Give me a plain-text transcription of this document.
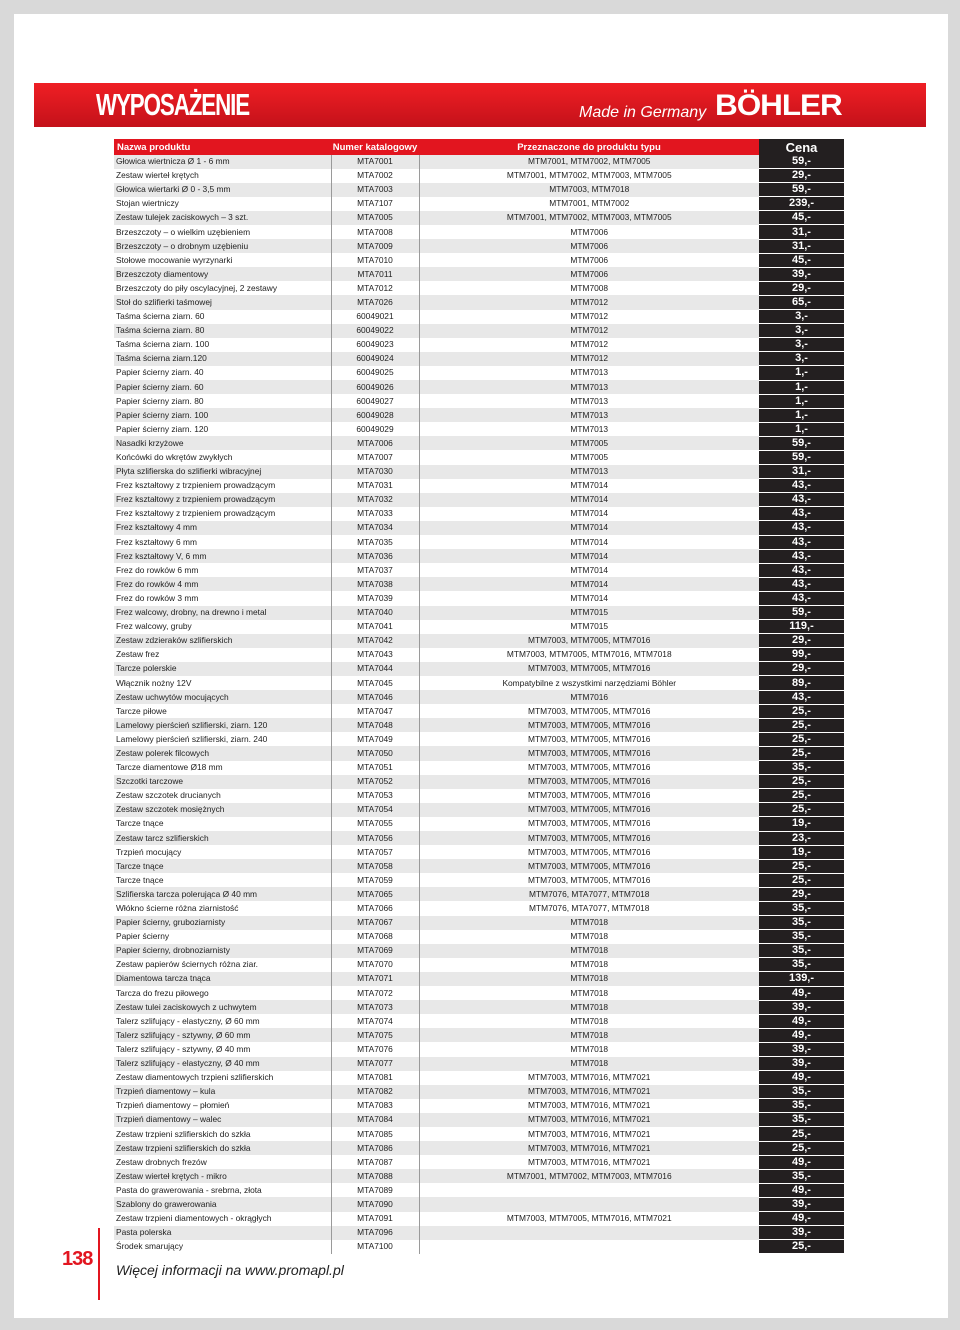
WYPOSAŻENIE	Made in Germany BÖHLER
Nazwa produktu	Numer katalogowy	Przeznaczone do produktu typu	Cena
Głowica wiertnicza Ø 1 - 6 mm	MTA7001	MTM7001, MTM7002, MTM7005	59,-
Zestaw wierteł krętych	MTA7002	MTM7001, MTM7002, MTM7003, MTM7005	29,-
Głowica wiertarki Ø 0 - 3,5 mm	MTA7003	MTM7003, MTM7018	59,-
Stojan wiertniczy	MTA7107	MTM7001, MTM7002	239,-
Zestaw tulejek zaciskowych – 3 szt.	MTA7005	MTM7001, MTM7002, MTM7003, MTM7005	45,-
Brzeszczoty – o wielkim uzębieniem	MTA7008	MTM7006	31,-
Brzeszczoty – o drobnym uzębieniu	MTA7009	MTM7006	31,-
Stołowe mocowanie wyrzynarki	MTA7010	MTM7006	45,-
Brzeszczoty diamentowy	MTA7011	MTM7006	39,-
Brzeszczoty do piły oscylacyjnej, 2 zestawy	MTA7012	MTM7008	29,-
Stoł do szlifierki taśmowej	MTA7026	MTM7012	65,-
Taśma ścierna ziarn. 60	60049021	MTM7012	3,-
Taśma ścierna ziarn. 80	60049022	MTM7012	3,-
Taśma ścierna ziarn. 100	60049023	MTM7012	3,-
Taśma ścierna ziarn.120	60049024	MTM7012	3,-
Papier ścierny ziarn. 40	60049025	MTM7013	1,-
Papier ścierny ziarn. 60	60049026	MTM7013	1,-
Papier ścierny ziarn. 80	60049027	MTM7013	1,-
Papier ścierny ziarn. 100	60049028	MTM7013	1,-
Papier ścierny ziarn. 120	60049029	MTM7013	1,-
Nasadki krzyżowe	MTA7006	MTM7005	59,-
Końcówki do wkrętów zwykłych	MTA7007	MTM7005	59,-
Płyta szlifierska do szlifierki wibracyjnej	MTA7030	MTM7013	31,-
Frez kształtowy z trzpieniem prowadzącym	MTA7031	MTM7014	43,-
Frez kształtowy z trzpieniem prowadzącym	MTA7032	MTM7014	43,-
Frez kształtowy z trzpieniem prowadzącym	MTA7033	MTM7014	43,-
Frez kształtowy 4 mm	MTA7034	MTM7014	43,-
Frez kształtowy 6 mm	MTA7035	MTM7014	43,-
Frez kształtowy V, 6 mm	MTA7036	MTM7014	43,-
Frez do rowków 6 mm	MTA7037	MTM7014	43,-
Frez do rowków 4 mm	MTA7038	MTM7014	43,-
Frez do rowków 3 mm	MTA7039	MTM7014	43,-
Frez walcowy, drobny, na drewno i metal	MTA7040	MTM7015	59,-
Frez walcowy, gruby	MTA7041	MTM7015	119,-
Zestaw zdzieraków szlifierskich	MTA7042	MTM7003, MTM7005, MTM7016	29,-
Zestaw frez	MTA7043	MTM7003, MTM7005, MTM7016, MTM7018	99,-
Tarcze polerskie	MTA7044	MTM7003, MTM7005, MTM7016	29,-
Włącznik nożny 12V	MTA7045	Kompatybilne z wszystkimi narzędziami Böhler	89,-
Zestaw uchwytów mocujących	MTA7046	MTM7016	43,-
Tarcze piłowe	MTA7047	MTM7003, MTM7005, MTM7016	25,-
Lamelowy pierścień szlifierski, ziarn. 120	MTA7048	MTM7003, MTM7005, MTM7016	25,-
Lamelowy pierścień szlifierski, ziarn. 240	MTA7049	MTM7003, MTM7005, MTM7016	25,-
Zestaw polerek filcowych	MTA7050	MTM7003, MTM7005, MTM7016	25,-
Tarcze diamentowe Ø18 mm	MTA7051	MTM7003, MTM7005, MTM7016	35,-
Szczotki tarczowe	MTA7052	MTM7003, MTM7005, MTM7016	25,-
Zestaw szczotek drucianych	MTA7053	MTM7003, MTM7005, MTM7016	25,-
Zestaw szczotek mosiężnych	MTA7054	MTM7003, MTM7005, MTM7016	25,-
Tarcze tnące	MTA7055	MTM7003, MTM7005, MTM7016	19,-
Zestaw tarcz szlifierskich	MTA7056	MTM7003, MTM7005, MTM7016	23,-
Trzpień mocujący	MTA7057	MTM7003, MTM7005, MTM7016	19,-
Tarcze tnące	MTA7058	MTM7003, MTM7005, MTM7016	25,-
Tarcze tnące	MTA7059	MTM7003, MTM7005, MTM7016	25,-
Szlifierska tarcza polerująca Ø 40 mm	MTA7065	MTM7076, MTA7077, MTM7018	29,-
Włókno ścierne różna ziarnistość	MTA7066	MTM7076, MTA7077, MTM7018	35,-
Papier ścierny, gruboziarnisty	MTA7067	MTM7018	35,-
Papier ścierny	MTA7068	MTM7018	35,-
Papier ścierny, drobnoziarnisty	MTA7069	MTM7018	35,-
Zestaw papierów ściernych różna ziar.	MTA7070	MTM7018	35,-
Diamentowa tarcza tnąca	MTA7071	MTM7018	139,-
Tarcza do frezu piłowego	MTA7072	MTM7018	49,-
Zestaw tulei zaciskowych z uchwytem	MTA7073	MTM7018	39,-
Talerz szlifujący - elastyczny, Ø 60 mm	MTA7074	MTM7018	49,-
Talerz szlifujący - sztywny, Ø 60 mm	MTA7075	MTM7018	49,-
Talerz szlifujący - sztywny, Ø 40 mm	MTA7076	MTM7018	39,-
Talerz szlifujący - elastyczny, Ø 40 mm	MTA7077	MTM7018	39,-
Zestaw diamentowych trzpieni szlifierskich	MTA7081	MTM7003, MTM7016, MTM7021	49,-
Trzpień diamentowy – kula	MTA7082	MTM7003, MTM7016, MTM7021	35,-
Trzpień diamentowy – płomień	MTA7083	MTM7003, MTM7016, MTM7021	35,-
Trzpień diamentowy – walec	MTA7084	MTM7003, MTM7016, MTM7021	35,-
Zestaw trzpieni szlifierskich do szkła	MTA7085	MTM7003, MTM7016, MTM7021	25,-
Zestaw trzpieni szlifierskich do szkła	MTA7086	MTM7003, MTM7016, MTM7021	25,-
Zestaw drobnych frezów	MTA7087	MTM7003, MTM7016, MTM7021	49,-
Zestaw wierteł krętych - mikro	MTA7088	MTM7001, MTM7002, MTM7003, MTM7016	35,-
Pasta do grawerowania - srebrna, złota	MTA7089		49,-
Szablony do grawerowania	MTA7090		39,-
Zestaw trzpieni diamentowych - okrągłych	MTA7091	MTM7003, MTM7005, MTM7016, MTM7021	49,-
Pasta polerska	MTA7096		39,-
Środek smarujący	MTA7100		25,-
138 Więcej informacji na www.promapl.pl
